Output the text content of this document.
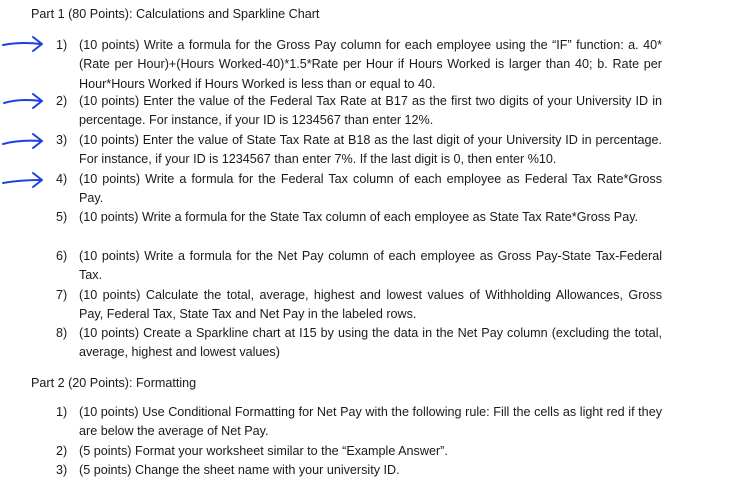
Part 1 (80 Points): Calculations and Sparkline Chart
1) (10 points) Write a formula for the Gross Pay column for each employee using the “IF” function: a. 40*(Rate per Hour)+(Hours Worked-40)*1.5*Rate per Hour if Hours Worked is larger than 40; b. Rate per Hour*Hours Worked if Hours Worked is less than or equal to 40.
2) (10 points) Enter the value of the Federal Tax Rate at B17 as the first two digits of your University ID in percentage. For instance, if your ID is 1234567 than enter 12%.
3) (10 points) Enter the value of State Tax Rate at B18 as the last digit of your University ID in percentage. For instance, if your ID is 1234567 than enter 7%. If the last digit is 0, then enter %10.
4) (10 points) Write a formula for the Federal Tax column of each employee as Federal Tax Rate*Gross Pay.
5) (10 points) Write a formula for the State Tax column of each employee as State Tax Rate*Gross Pay.
6) (10 points) Write a formula for the Net Pay column of each employee as Gross Pay-State Tax-Federal Tax.
7) (10 points) Calculate the total, average, highest and lowest values of Withholding Allowances, Gross Pay, Federal Tax, State Tax and Net Pay in the labeled rows.
8) (10 points) Create a Sparkline chart at I15 by using the data in the Net Pay column (excluding the total, average, highest and lowest values)
Part 2 (20 Points): Formatting
1) (10 points) Use Conditional Formatting for Net Pay with the following rule: Fill the cells as light red if they are below the average of Net Pay.
2) (5 points) Format your worksheet similar to the “Example Answer”.
3) (5 points) Change the sheet name with your university ID.
